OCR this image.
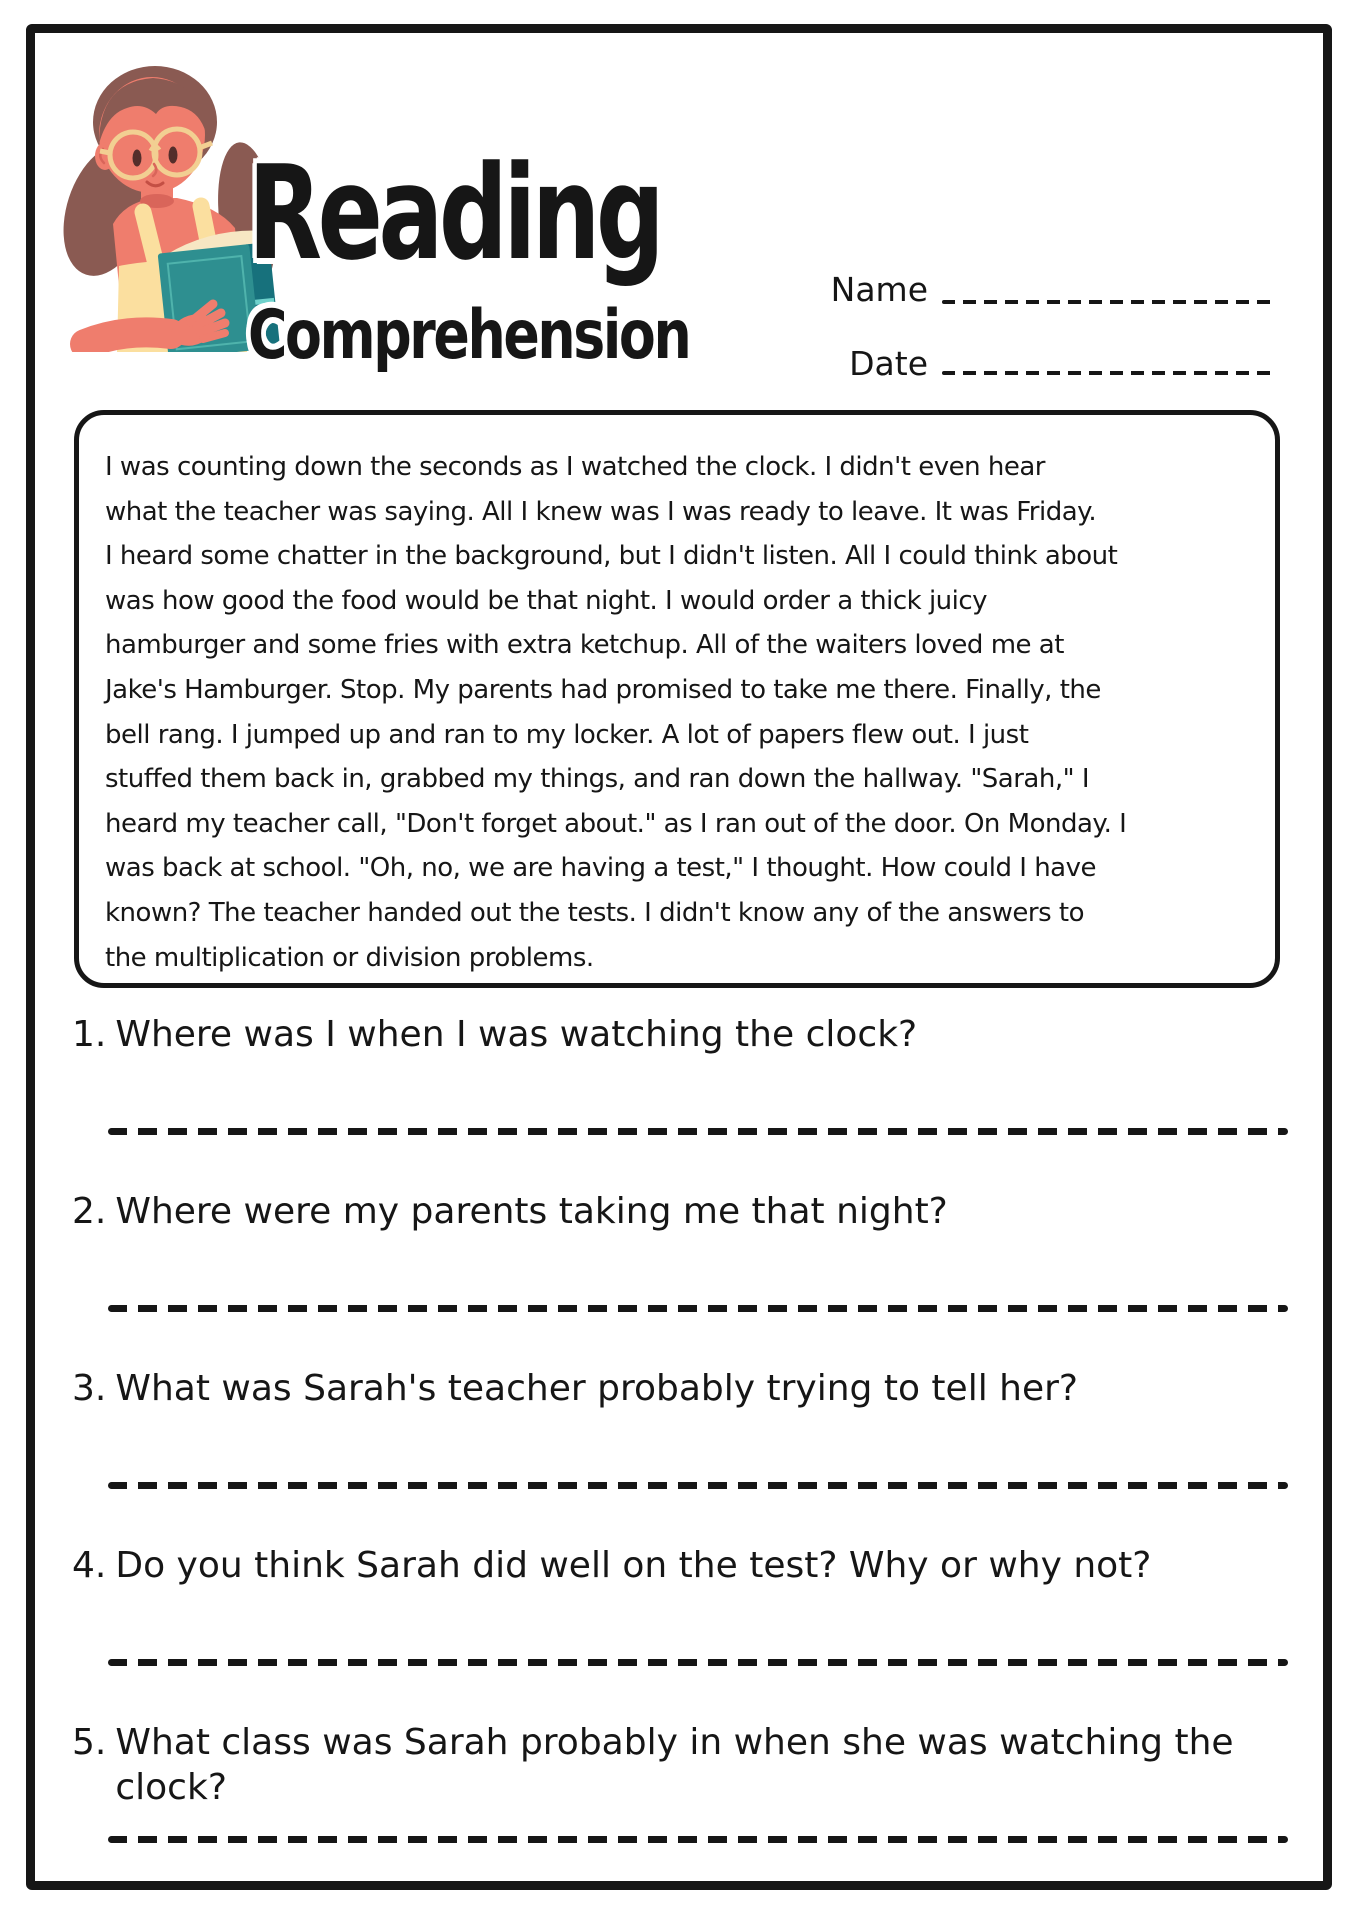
Reading
Comprehension
Name
Date
I was counting down the seconds as I watched the clock. I didn't even hear
what the teacher was saying. All I knew was I was ready to leave. It was Friday.
I heard some chatter in the background, but I didn't listen. All I could think about
was how good the food would be that night. I would order a thick juicy
hamburger and some fries with extra ketchup. All of the waiters loved me at
Jake's Hamburger. Stop. My parents had promised to take me there. Finally, the
bell rang. I jumped up and ran to my locker. A lot of papers flew out. I just
stuffed them back in, grabbed my things, and ran down the hallway. "Sarah," I
heard my teacher call, "Don't forget about." as I ran out of the door. On Monday. I
was back at school. "Oh, no, we are having a test," I thought. How could I have
known? The teacher handed out the tests. I didn't know any of the answers to
the multiplication or division problems.
1. Where was I when I was watching the clock?
2. Where were my parents taking me that night?
3. What was Sarah's teacher probably trying to tell her?
4. Do you think Sarah did well on the test? Why or why not?
5. What class was Sarah probably in when she was watching the clock?
